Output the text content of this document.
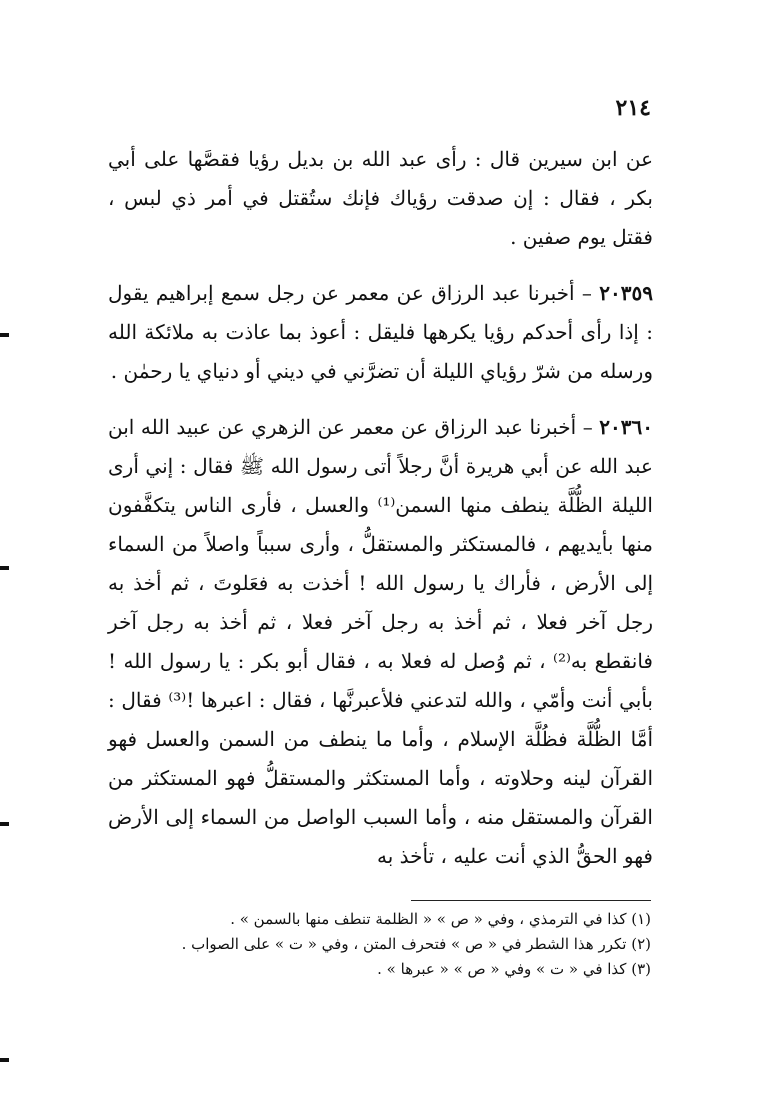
٢١٤

عن ابن سيرين قال : رأى عبد الله بن بديل رؤيا فقصَّها على أبي بكر ، فقال : إن صدقت رؤياك فإنك ستُقتل في أمر ذي لبس ، فقتل يوم صفين .

٢٠٣٥٩ – أخبرنا عبد الرزاق عن معمر عن رجل سمع إبراهيم يقول : إذا رأى أحدكم رؤيا يكرهها فليقل : أعوذ بما عاذت به ملائكة الله ورسله من شرّ رؤياي الليلة أن تضرَّني في ديني أو دنياي يا رحمٰن .

٢٠٣٦٠ – أخبرنا عبد الرزاق عن معمر عن الزهري عن عبيد الله ابن عبد الله عن أبي هريرة أنَّ رجلاً أتى رسول الله ﷺ فقال : إني أرى الليلة الظُّلَّة ينطف منها السمن⁽¹⁾ والعسل ، فأرى الناس يتكفَّفون منها بأيديهم ، فالمستكثر والمستقلُّ ، وأرى سبباً واصلاً من السماء إلى الأرض ، فأراك يا رسول الله ! أخذت به فعَلوتَ ، ثم أخذ به رجل آخر فعلا ، ثم أخذ به رجل آخر فعلا ، ثم أخذ به رجل آخر فانقطع به⁽²⁾ ، ثم وُصل له فعلا به ، فقال أبو بكر : يا رسول الله ! بأبي أنت وأمّي ، والله لتدعني فلأعبرنَّها ، فقال : اعبرها !⁽³⁾ فقال : أمَّا الظُّلَّة فظُلَّة الإسلام ، وأما ما ينطف من السمن والعسل فهو القرآن لينه وحلاوته ، وأما المستكثر والمستقلُّ فهو المستكثر من القرآن والمستقل منه ، وأما السبب الواصل من السماء إلى الأرض فهو الحقُّ الذي أنت عليه ، تأخذ به

(١) كذا في الترمذي ، وفي « ص » « الظلمة تنطف منها بالسمن » .

(٢) تكرر هذا الشطر في « ص » فتحرف المتن ، وفي « ت » على الصواب .

(٣) كذا في « ت » وفي « ص » « عبرها » .
